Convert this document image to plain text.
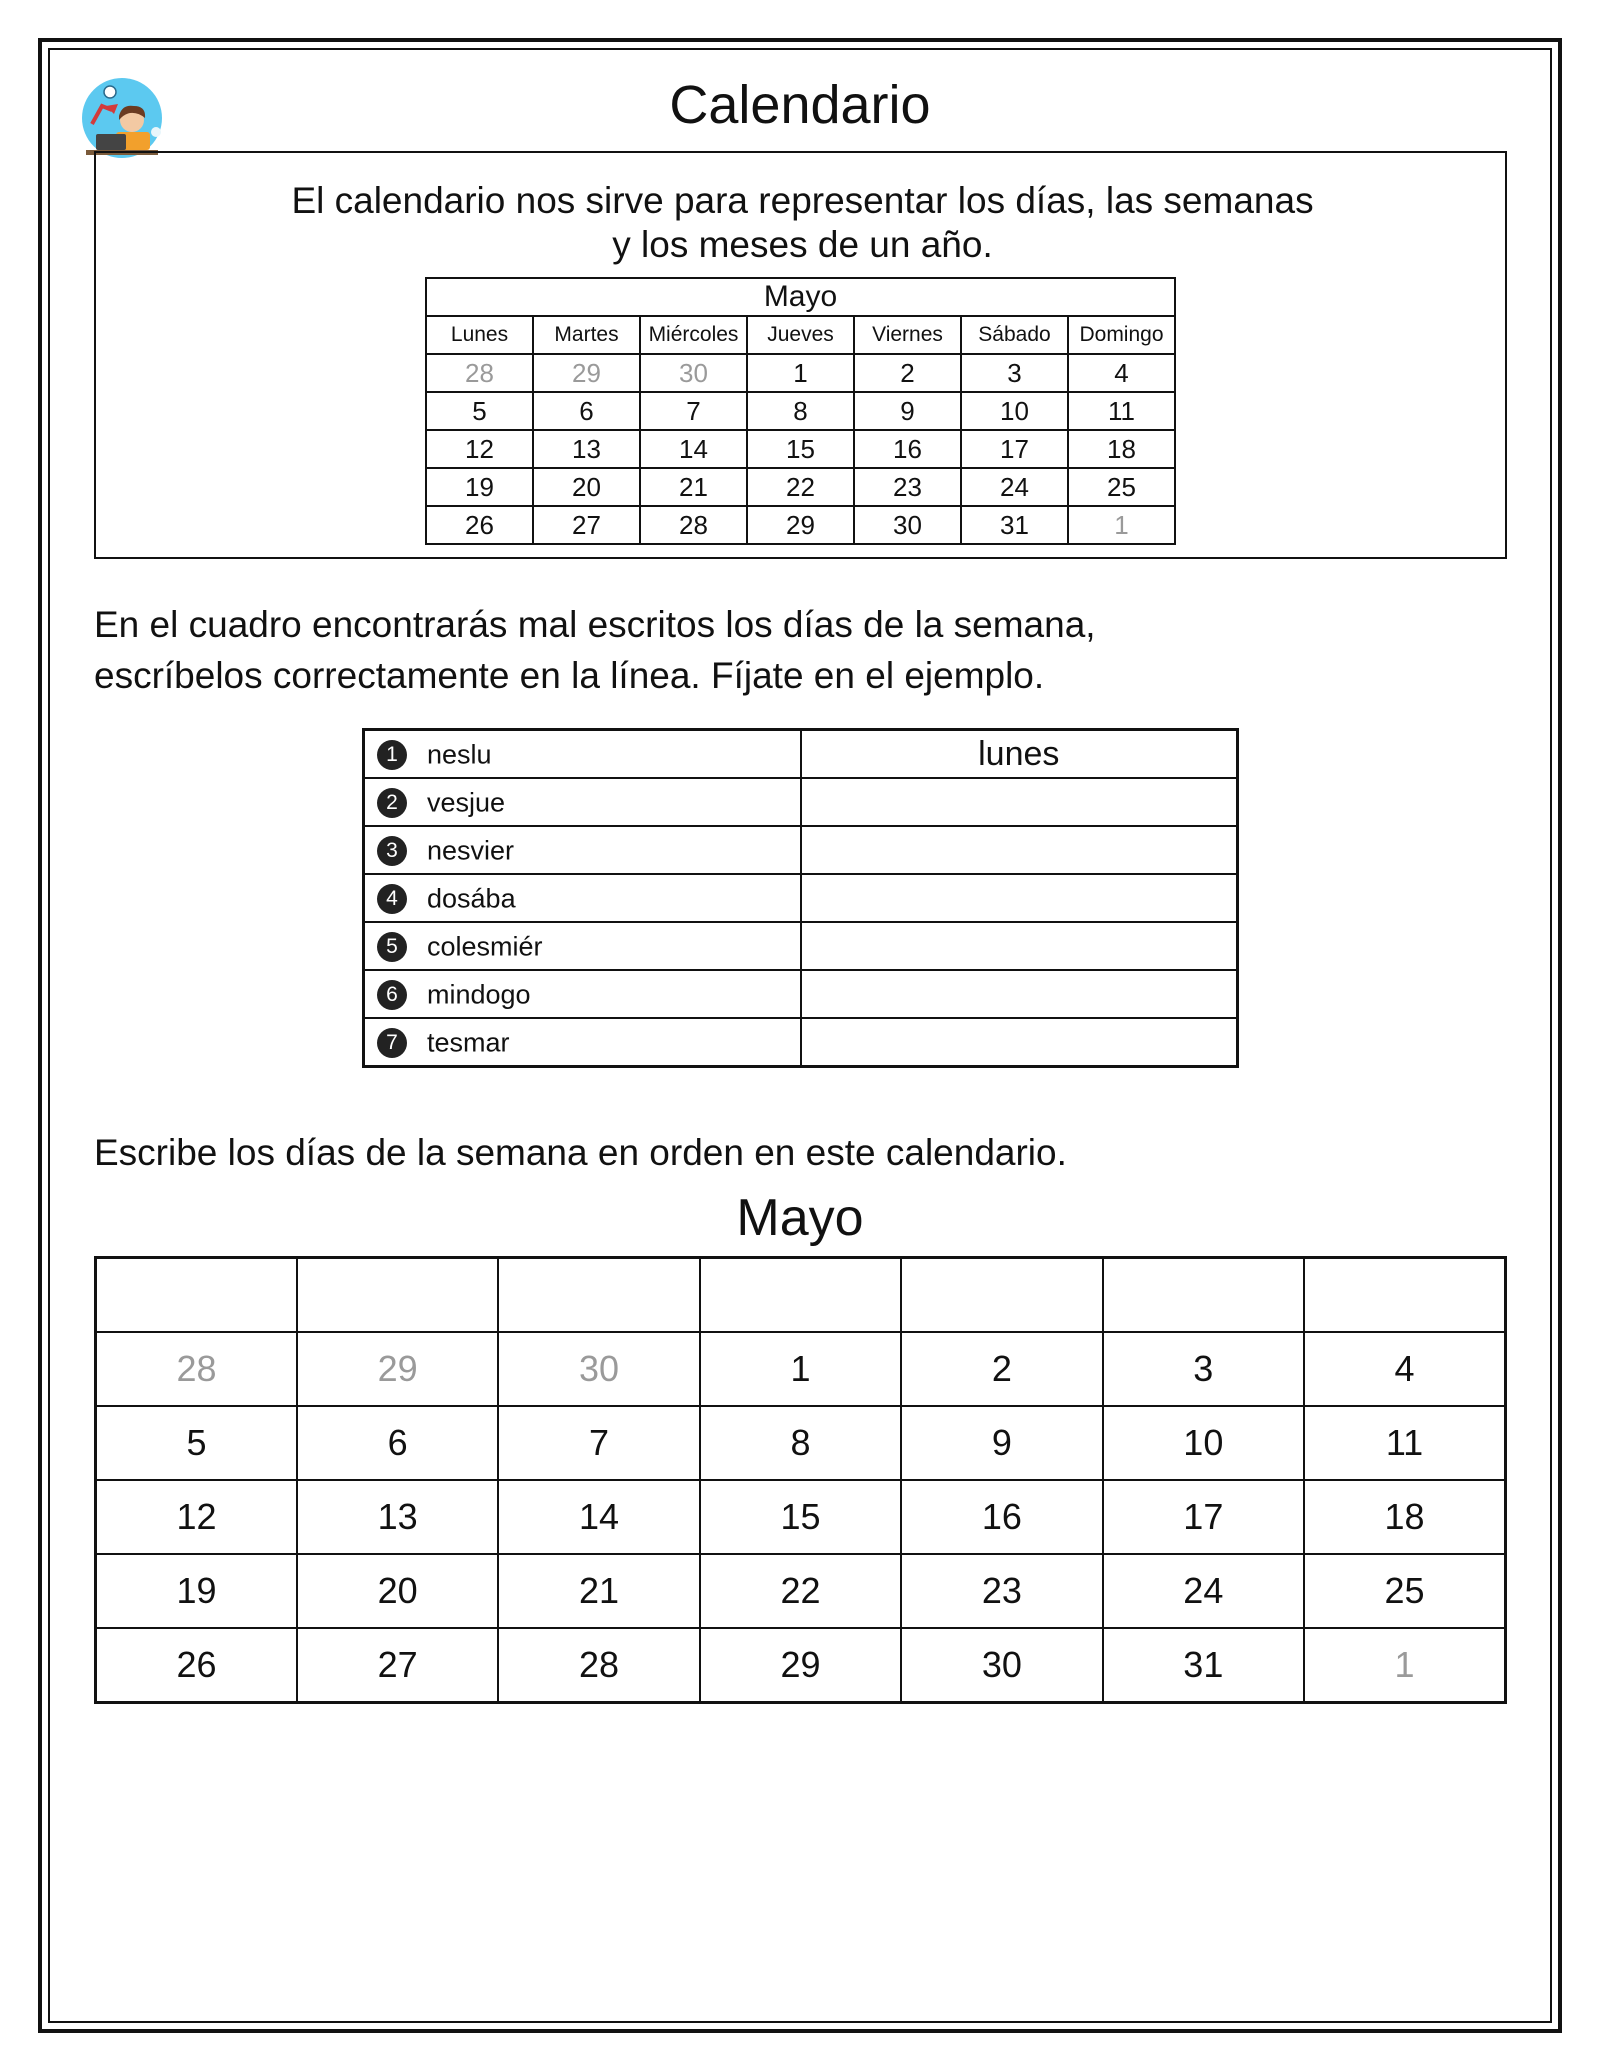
Calendario
El calendario nos sirve para representar los días, las semanas
y los meses de un año.
Mayo						
Lunes	Martes	Miércoles	Jueves	Viernes	Sábado	Domingo
28	29	30	1	2	3	4
5	6	7	8	9	10	11
12	13	14	15	16	17	18
19	20	21	22	23	24	25
26	27	28	29	30	31	1
En el cuadro encontrarás mal escritos los días de la semana,
escríbelos correctamente en la línea. Fíjate en el ejemplo.
1 neslu	lunes
2 vesjue	
3 nesvier	
4 dosába	
5 colesmiér	
6 mindogo	
7 tesmar	
Escribe los días de la semana en orden en este calendario.
Mayo

28	29	30	1	2	3	4
5	6	7	8	9	10	11
12	13	14	15	16	17	18
19	20	21	22	23	24	25
26	27	28	29	30	31	1
